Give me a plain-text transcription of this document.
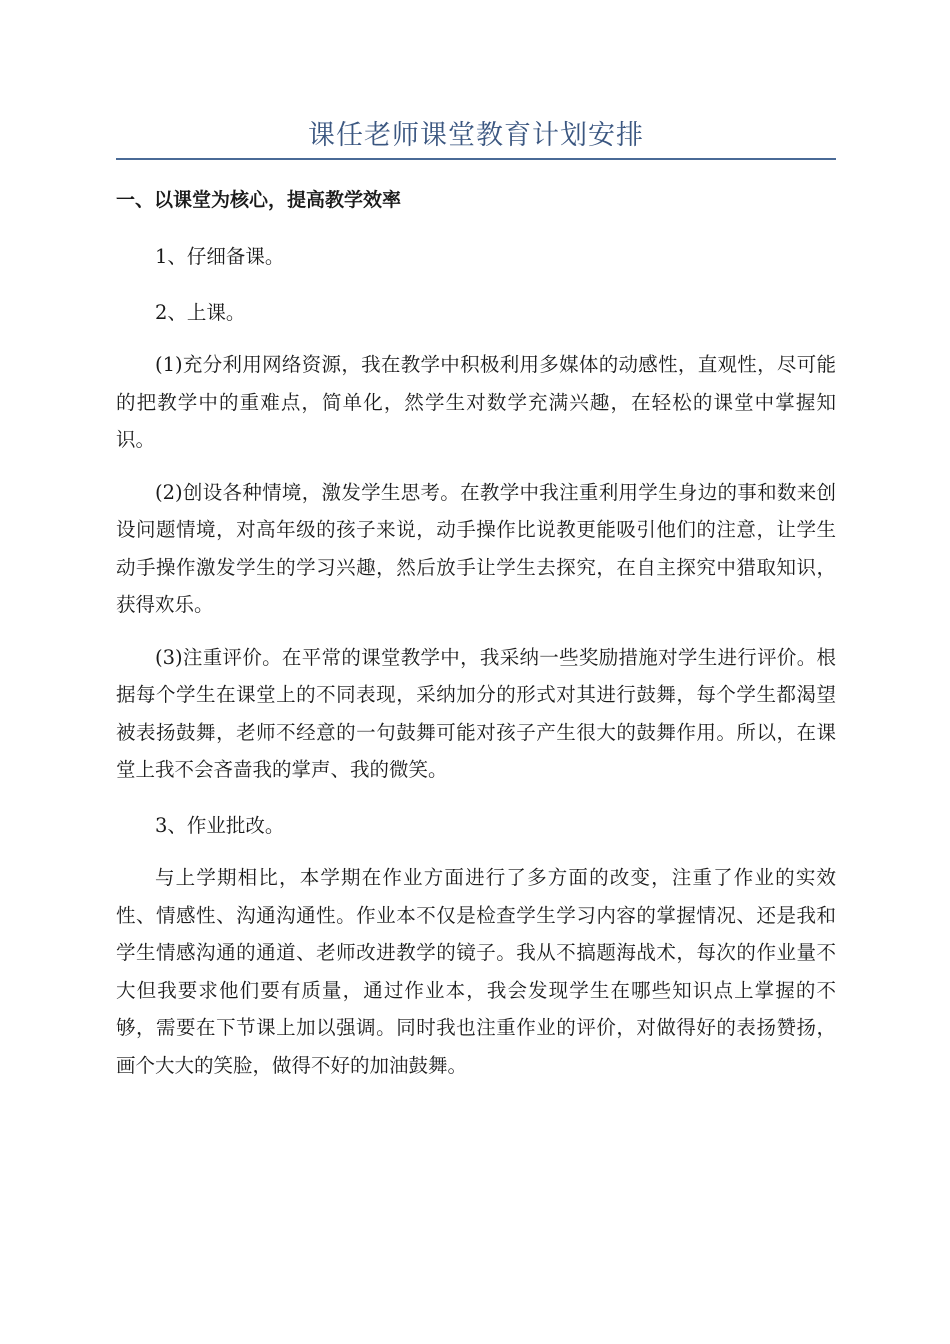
课任老师课堂教育计划安排
一、以课堂为核心，提高教学效率

1、仔细备课。

2、上课。

(1)充分利用网络资源，我在教学中积极利用多媒体的动感性，直观性，尽可能的把教学中的重难点，简单化，然学生对数学充满兴趣，在轻松的课堂中掌握知识。

(2)创设各种情境，激发学生思考。在教学中我注重利用学生身边的事和数来创设问题情境，对高年级的孩子来说，动手操作比说教更能吸引他们的注意，让学生动手操作激发学生的学习兴趣，然后放手让学生去探究，在自主探究中猎取知识，获得欢乐。

(3)注重评价。在平常的课堂教学中，我采纳一些奖励措施对学生进行评价。根据每个学生在课堂上的不同表现，采纳加分的形式对其进行鼓舞，每个学生都渴望被表扬鼓舞，老师不经意的一句鼓舞可能对孩子产生很大的鼓舞作用。所以，在课堂上我不会吝啬我的掌声、我的微笑。

3、作业批改。

与上学期相比，本学期在作业方面进行了多方面的改变，注重了作业的实效性、情感性、沟通沟通性。作业本不仅是检查学生学习内容的掌握情况、还是我和学生情感沟通的通道、老师改进教学的镜子。我从不搞题海战术，每次的作业量不大但我要求他们要有质量，通过作业本，我会发现学生在哪些知识点上掌握的不够，需要在下节课上加以强调。同时我也注重作业的评价，对做得好的表扬赞扬，画个大大的笑脸，做得不好的加油鼓舞。
